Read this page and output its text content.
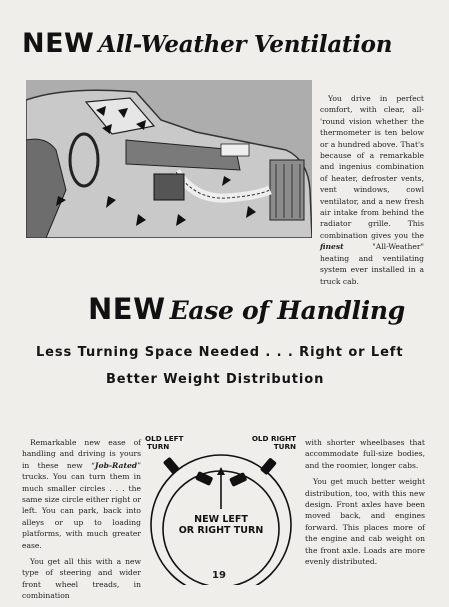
NEW All-Weather Ventilation
You drive in perfect comfort, with clear, all-'round vision whether the thermometer is ten below or a hundred above. That's because of a remarkable and ingenius combination of heater, defroster vents, vent windows, cowl ventilator, and a new fresh air intake from behind the radiator grille. This combination gives you the finest	"All-Weather" heating and ventilating system ever installed in a truck cab.
NEW Ease of Handling
Less Turning Space Needed . . . Right or Left
Better Weight Distribution

Remarkable new ease of handling and driving is yours in these new “Job-Rated” trucks. You can turn them in much smaller circles . . . the same size circle either right or left. You can park, back into alleys or up to loading platforms, with much greater ease.

You get all this with a new type of steering and wider front wheel treads, in combination

OLD LEFT
TURN
OLD RIGHT
TURN
NEW LEFT
OR RIGHT TURN

with shorter wheelbases that accommodate full-size bodies, and the roomier, longer cabs.

You get much better weight distribution, too, with this new design. Front axles have been moved back, and engines forward. This places more of the engine and cab weight on the front axle. Loads are more evenly distributed.

19
